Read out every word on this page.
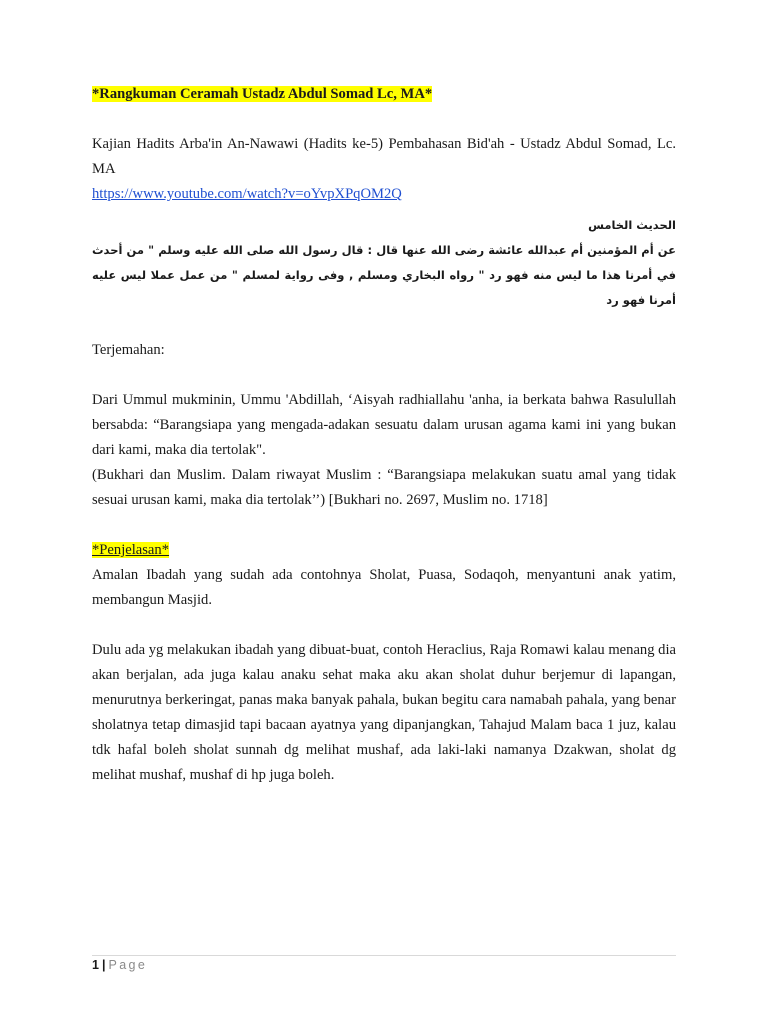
*Rangkuman Ceramah Ustadz Abdul Somad Lc, MA*

Kajian Hadits Arba'in An-Nawawi (Hadits ke-5) Pembahasan Bid'ah - Ustadz Abdul Somad, Lc. MA

https://www.youtube.com/watch?v=oYvpXPqOM2Q

الحديث الخامس

عن أم المؤمنين أم عبدالله عائشة رضى الله عنها قال : قال رسول الله صلى الله عليه وسلم " من أحدث في أمرنا هذا ما ليس منه فهو رد " رواه البخاري ومسلم , وفى رواية لمسلم " من عمل عملا ليس عليه أمرنا فهو رد

Terjemahan:

Dari Ummul mukminin, Ummu 'Abdillah, ‘Aisyah radhiallahu 'anha, ia berkata bahwa Rasulullah bersabda: “Barangsiapa yang mengada-adakan sesuatu dalam urusan agama kami ini yang bukan dari kami, maka dia tertolak".

(Bukhari dan Muslim. Dalam riwayat Muslim : “Barangsiapa melakukan suatu amal yang tidak sesuai urusan kami, maka dia tertolak’’) [Bukhari no. 2697, Muslim no. 1718]

*Penjelasan*

Amalan Ibadah yang sudah ada contohnya Sholat, Puasa, Sodaqoh, menyantuni anak yatim, membangun Masjid.

Dulu ada yg melakukan ibadah yang dibuat-buat, contoh Heraclius, Raja Romawi kalau menang dia akan berjalan, ada juga kalau anaku sehat maka aku akan sholat duhur berjemur di lapangan, menurutnya berkeringat, panas maka banyak pahala, bukan begitu cara namabah pahala, yang benar sholatnya tetap dimasjid tapi bacaan ayatnya yang dipanjangkan, Tahajud Malam baca 1 juz, kalau tdk hafal boleh sholat sunnah dg melihat mushaf, ada laki-laki namanya Dzakwan, sholat dg melihat mushaf, mushaf di hp juga boleh.

1 | Page
